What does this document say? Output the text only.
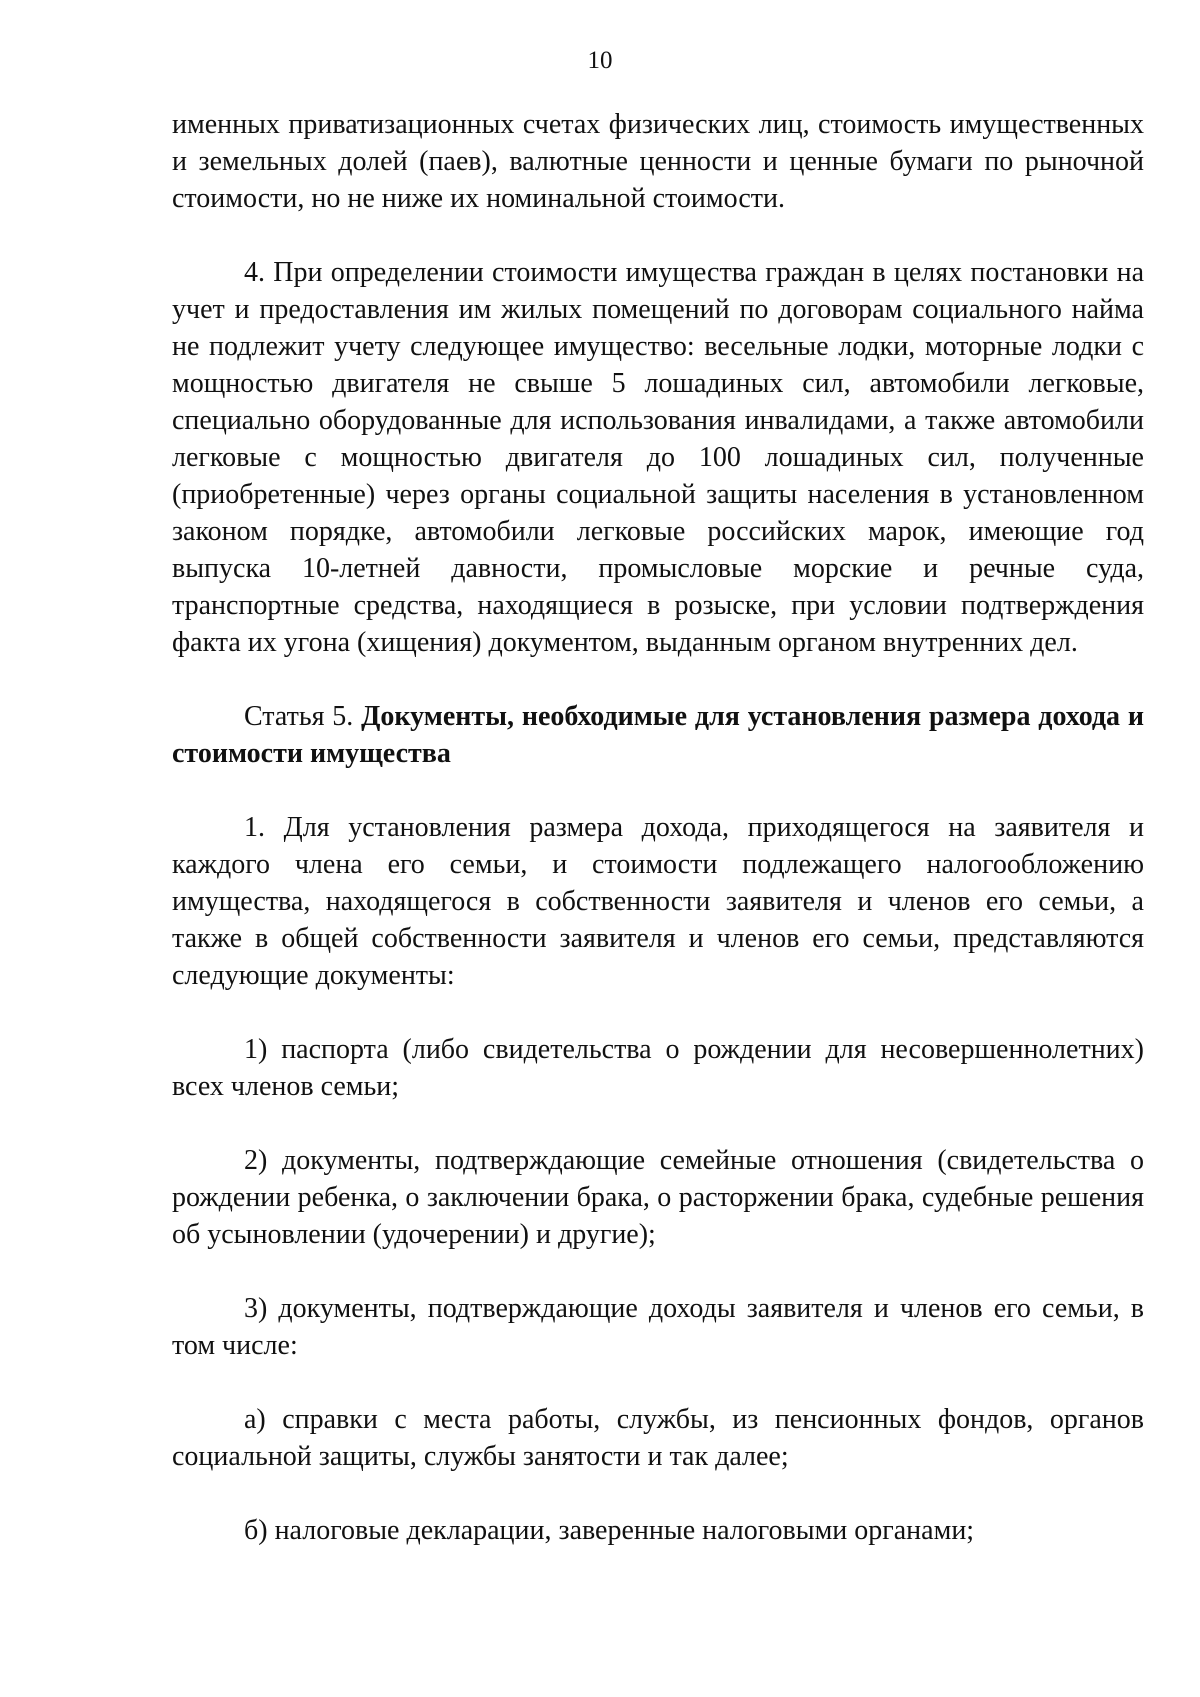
10

именных приватизационных счетах физических лиц, стоимость имущественных и земельных долей (паев), валютные ценности и ценные бумаги по рыночной стоимости, но не ниже их номинальной стоимости.

4. При определении стоимости имущества граждан в целях постановки на учет и предоставления им жилых помещений по договорам социального найма не подлежит учету следующее имущество: весельные лодки, моторные лодки с мощностью двигателя не свыше 5 лошадиных сил, автомобили легковые, специально оборудованные для использования инвалидами, а также автомобили легковые с мощностью двигателя до 100 лошадиных сил, полученные (приобретенные) через органы социальной защиты населения в установленном законом порядке, автомобили легковые российских марок, имеющие год выпуска 10-летней давности, промысловые морские и речные суда, транспортные средства, находящиеся в розыске, при условии подтверждения факта их угона (хищения) документом, выданным органом внутренних дел.

Статья 5. Документы, необходимые для установления размера дохода и стоимости имущества

1. Для установления размера дохода, приходящегося на заявителя и каждого члена его семьи, и стоимости подлежащего налогообложению имущества, находящегося в собственности заявителя и членов его семьи, а также в общей собственности заявителя и членов его семьи, представляются следующие документы:

1) паспорта (либо свидетельства о рождении для несовершеннолетних) всех членов семьи;

2) документы, подтверждающие семейные отношения (свидетельства о рождении ребенка, о заключении брака, о расторжении брака, судебные решения об усыновлении (удочерении) и другие);

3) документы, подтверждающие доходы заявителя и членов его семьи, в том числе:

а) справки с места работы, службы, из пенсионных фондов, органов социальной защиты, службы занятости и так далее;

б) налоговые декларации, заверенные налоговыми органами;
